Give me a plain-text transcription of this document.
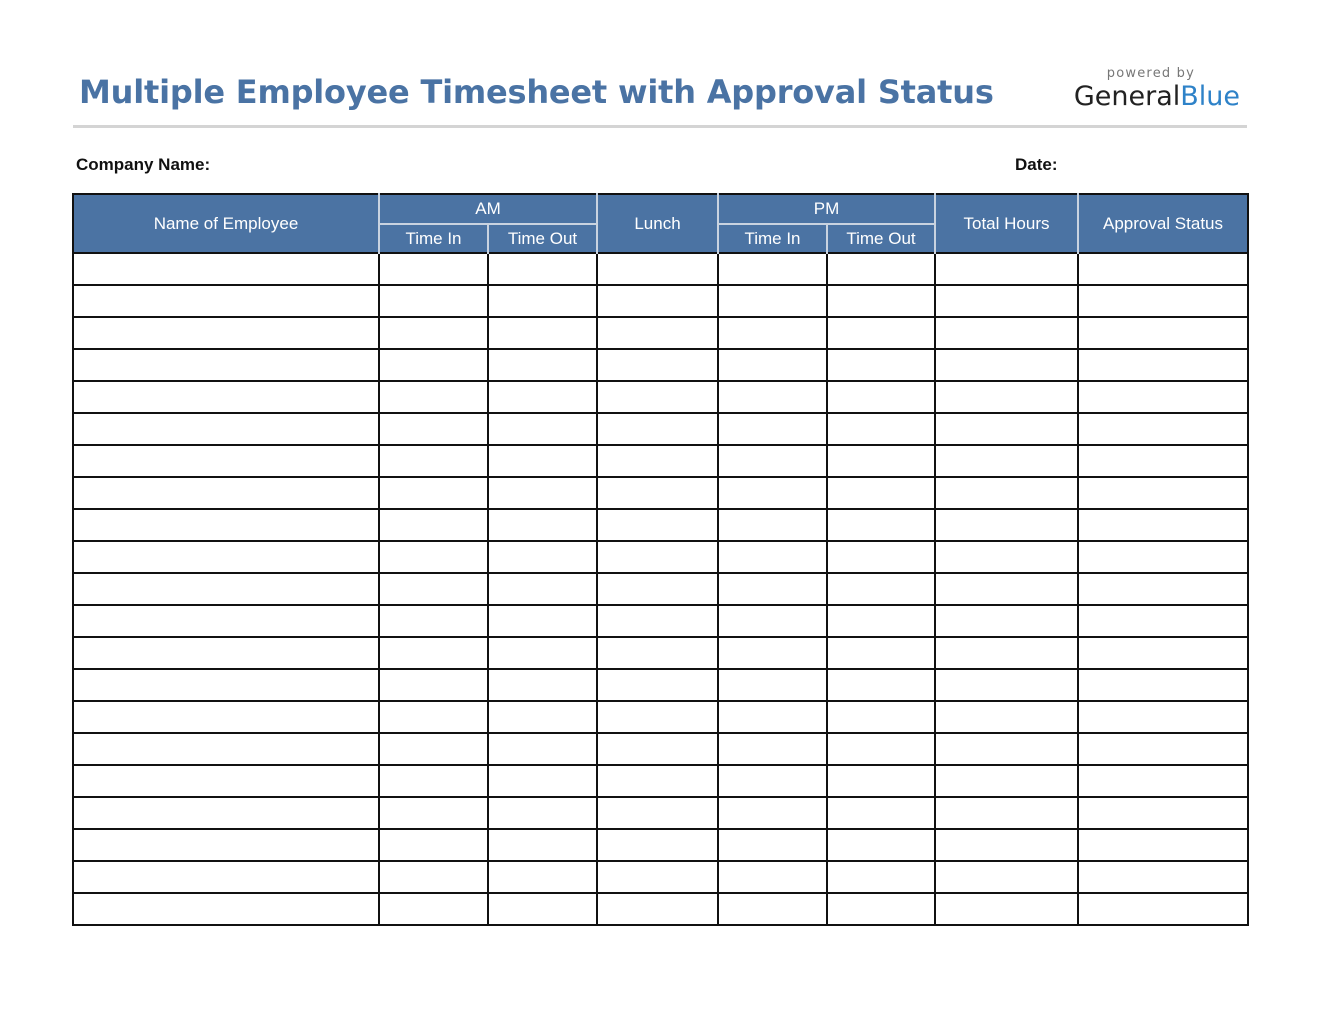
Multiple Employee Timesheet with Approval Status	powered by
GeneralBlue
Company Name:	Date:
Name of Employee	AM		Lunch	PM		Total Hours	Approval Status
	Time In	Time Out		Time In	Time Out		
